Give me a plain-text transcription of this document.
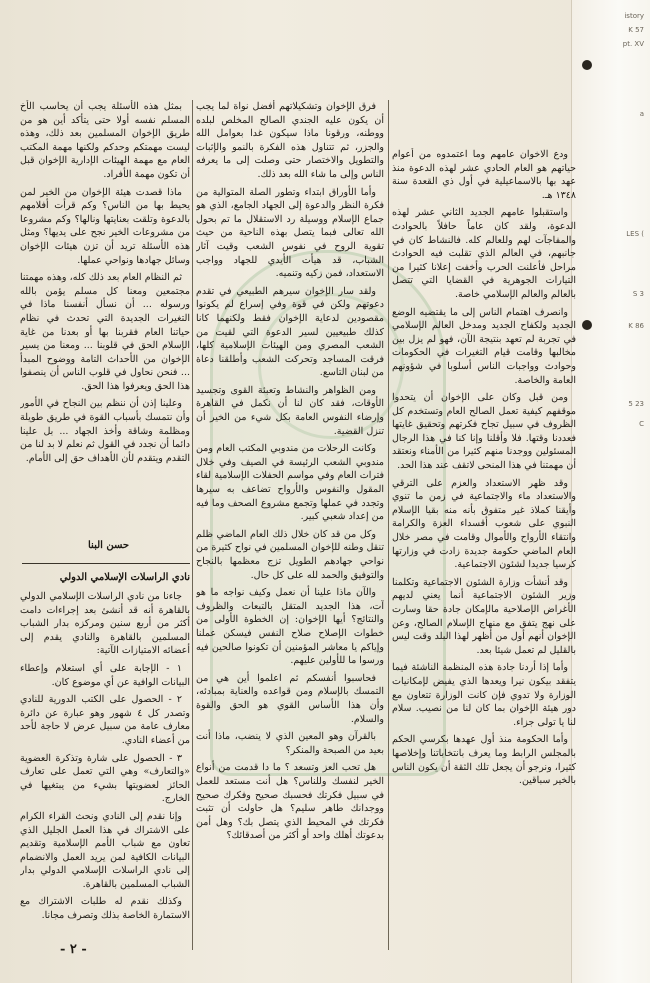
istory
K 57
pt. XV
a
LES (
S 3
K 86
5 23
C

ودع الاخوان عامهم وما اعتمدوه من أعوام حياتهم هو العام الحادي عشر لهذه الدعوة منذ عهد بها بالاسماعيلية في أول ذي القعدة سنة ١٣٤٨ هـ.

واستقبلوا عامهم الجديد الثاني عشر لهذه الدعوة، ولقد كان عاماً حافلاً بالحوادث والمفاجآت لهم وللعالم كله. فالنشاط كان في جانبهم، في العالم الذي تقلبت فيه الحوادث مراحل فأعلنت الحرب وأخفت إعلانا كثيرا من التيارات الجوهرية في القضايا التي تتصل بالعالم والعالم الإسلامي خاصة.

وانصرف اهتمام الناس إلى ما يقتضيه الوضع الجديد ولكفاح الجديد ومدخل العالم الإسلامي في تجربة لم تعهد بنتيجة الآن، فهو لم يزل بين مخالبها وقامت قيام التغيرات في الحكومات وحوادث وواجبات الناس أسلوبا في شؤونهم العامة والخاصة.

ومن قبل وكان على الإخوان أن يتحدوا موقفهم كيفية تعمل الصالح العام وتستخدم كل الظروف في سبيل تجاح فكرتهم وتحقيق غايتها فعددنا وقتها. فلا وأقلنا وإنا كنا في هذا الرجال المسئولين ووجدنا منهم كثيرا من الأمناء ونعتقد أن مهمتنا في هذا المنحى لاتقف عند هذا الحد.

وقد ظهر الاستعداد والعزم على الترقي والاستعداد ماء والاجتماعية في زمن ما تنوي وأيقنا كملاذ غير متفوق بأنه منه بقيا الإسلام النبوي على شعوب أقسداء العزة والكرامة وانتقاء الأرواح والأموال وقامت في مصر خلال العام الماضي حكومة جديدة زادت في وزارتها كرسيا جديدا لشئون الاجتماعية.

وقد أنشأت وزارة الشئون الاجتماعية وتكلمنا وزير الشئون الاجتماعية أنما يعني لديهم الأغراض الإصلاحية مالإمكان جادة حقا وسارت على نهج يتفق مع منهاج الإسلام الصالح، وعن الإخوان أنهم أول من أظهر لهذا البلد وقت ليس بالقليل لم تعمل شيئا بعد.

وأما إذا أردنا جادة هذه المنظمة الناشئة فيما يتفقد بيكون نيرا ويعدها الذي يفيض لإمكانيات الوزارة ولا تدوي فإن كانت الوزارة تتعاون مع دور هيئة الإخوان بما كان لنا من نصيب. سلام لنا يا تولى جزاء.

وأما الحكومة منذ أول عهدها بكرسي الحكم بالمجلس الرابط وما يعرف بانتخاباتنا وإخلاصها كثيرا، ونرجو أن يجعل تلك الثقة أن يكون الناس بالخير سباقين.

فرق الإخوان وتشكيلاتهم أفضل نواة لما يجب أن يكون عليه الجندي الصالح المخلص لبلده ووطنه، ورقونا ماذا سيكون غدا بعوامل الله والجزر، ثم تتناول هذه الفكرة بالنمو والإثبات والتطويل والاختصار حتى وصلت إلى ما يعرفه الناس وإلى ما شاء الله بعد ذلك.

وأما الأوراق ابتداء وتطور الصلة المتوالية من فكرة النظر والدعوة إلى الجهاد الجامع، الذي هو جماع الإسلام ووسيلة رد الاستقلال ما تم بحول الله تعالى فبما يتصل بهذه الناحية من حيث تقوية الروح في نفوس الشعب وقيت آثار الشباب، قد هيأت الأيدي للجهاد وواجب الاستعداد، فمن زكيه وتنميه.

ولقد سار الإخوان سيرهم الطبيعي في تقدم دعوتهم ولكن في قوة وفي إسراع لم يكونوا مقصودين لدعاية الإخوان فقط ولكنهما كانا كذلك طبيعيين لسير الدعوة التي لقيت من الشعب المصري ومن الهيئات الإسلامية كلها، فرقت المساجد وتحركت الشعب وأطلقنا دعاة من لبنان التاسع.

ومن الظواهر والنشاط وتعبئة القوى وتجسيد الأوقات، فقد كان لنا أن نكمل في القاهرة وإرضاء النفوس العامة بكل شيء من الخير أن تنزل القضية.

وكانت الرحلات من مندوبي المكتب العام ومن مندوبي الشعب الرئيسة في الصيف وفي خلال فترات العام وفي مواسم الحفلات الإسلامية لقاء المقول والنفوس والأرواح تضاعف به سيرها وتجدد في عملها وتجمع مشروع الصحف وما فيه من إعداد شعبي كبير.

وكل من قد كان خلال ذلك العام الماضي ظلم تنقل وطنه للإخوان المسلمين في نواح كثيرة من نواحي جهادهم الطويل تزج معظمها بالنجاح والتوفيق والحمد لله على كل حال.

والآن ماذا علينا أن نعمل وكيف نواجه ما هو آت، هذا الجديد المتقل بالتبعات والظروف والنتائج؟ أيها الإخوان: إن الخطوة الأولى من خطوات الإصلاح صلاح النفس فيسكن عملنا وإياكم يا معاشر المؤمنين أن تكونوا صالحين فيه ورسوا ما للأولين عليهم.

فحاسبوا أنفسكم ثم اعلموا أين هي من التمسك بالإسلام ومن قواعده والعناية بمبادئه، وأن هذا الأساس القوي هو الحق والقوة والسلام.

بالقرآن وهو المعين الذي لا ينضب، ماذا أنت بعيد من الصبحة والمنكر؟

هل تحب العز وتسعد ؟ ما دا قدمت من أنواع الخير لنفسك وللناس؟ هل أنت مستعد للعمل في سبيل فكرتك فحسبك صحيح وفكرك صحيح ووجدانك طاهر سليم؟ هل حاولت أن تثبت فكرتك في المحيط الذي يتصل بك؟ وهل أمن بدعوتك أهلك واحد أو أكثر من أصدقائك؟

بمثل هذه الأسئلة يجب أن يحاسب الأخ المسلم نفسه أولا حتى يتأكد أين هو من طريق الإخوان المسلمين بعد ذلك، وهذه ليست مهمتكم وحدكم ولكنها مهمة المكتب العام مع مهمة الهيئات الإدارية الإخوان قبل أن تكون مهمة الأفراد.

ماذا قصدت هيئة الإخوان من الخير لمن يحيط بها من الناس؟ وكم قرأت أفلامهم بالدعوة وتلقت بعنايتها ونالها؟ وكم مشروعا من مشروعات الخير نجح على يديها؟ ومثل هذه الأسئلة تريد أن تزن هيئات الإخوان وسائل جهادها ونواحي عملها.

ثم النظام العام بعد ذلك كله، وهذه مهمتنا مجتمعين ومعنا كل مسلم يؤمن بالله ورسوله ... أن نسأل أنفسنا ماذا في التغيرات الجديدة التي تحدث في نظام حياتنا العام فقربنا بها أو بعدنا من غاية الإسلام الحق في قلوبنا ... ومعنا من يسير الإخوان من الأحداث التامة ووضوح المبدأ ... فنحن نحاول في قلوب الناس أن ينصفوا هذا الحق ويعرفوا هذا الحق.

وعلينا إذن أن ننظم بين النجاح في الأمور وأن نتمسك بأسباب القوة في طريق طويلة ومظلمة وشاقة وأخذ الجهاد ... بل علينا دائما أن نجدد في القول ثم نعلم لا بد لنا من التقدم ويتقدم لأن الأهداف حق إلى الأمام.

حسن البنا
نادي الراسلات الإسلامي الدولي

جاءنا من نادي الراسلات الإسلامي الدولي بالقاهرة أنه قد أنشئ بعد إجراءات دامت أكثر من أربع سنين ومركزه بدار الشباب المسلمين بالقاهرة والنادي يقدم إلى أعضائه الامتيازات الآتية:

١ - الإجابة على أي استعلام وإعطاء البيانات الوافية عن أي موضوع كان.

٢ - الحصول على الكتب الدورية للنادي وتصدر كل ٤ شهور وهو عبارة عن دائرة معارف عامة من سبيل عرض لا حاجة لأحد من أعضاء النادي.

٣ - الحصول على شارة وتذكرة العضوية «والتعارف» وهي التي تعمل على تعارف الحائز لعضويتها بشيء من يبتغيها في الخارج.

وإنا نقدم إلى النادي ونحث القراء الكرام على الاشتراك في هذا العمل الجليل الذي تعاون مع شباب الأمم الإسلامية وتقديم البيانات الكافية لمن يريد العمل والانضمام إلى نادي الراسلات الإسلامي الدولي بدار الشباب المسلمين بالقاهرة.

وكذلك نقدم له طلبات الاشتراك مع الاستمارة الخاصة بذلك وتصرف مجانا.

- ٢ -
